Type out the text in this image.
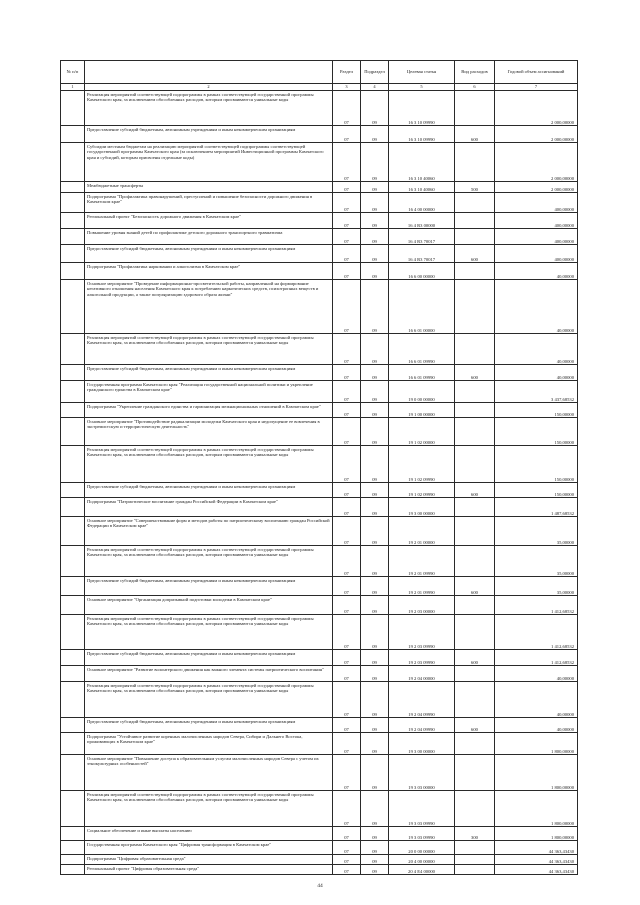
№ п/п		Раздел	Подраздел	Целевая статья	Вид расходов	Годовой объем ассигнований
1	2	3	4	5	6	7
	Реализация мероприятий соответствующей подпрограммы в рамках соответствующей государственной программы Камчатского края, за исключением обособленных расходов, которым присваиваются уникальные коды	07	09	16 3 10 09990		2 000,00000
	Предоставление субсидий бюджетным, автономным учреждениям и иным некоммерческим организациям	07	09	16 3 10 09990	600	2 000,00000
	Субсидии местным бюджетам на реализацию мероприятий соответствующей подпрограммы соответствующей государственной программы Камчатского края (за исключением мероприятий Инвестиционной программы Камчатского края и субсидий, которым присвоены отдельные коды)	07	09	16 3 10 40060		2 000,00000
	Межбюджетные трансферты	07	09	16 3 10 40060	500	2 000,00000
	Подпрограмма "Профилактика правонарушений, преступлений и повышение безопасности дорожного движения в Камчатском крае"	07	09	16 4 00 00000		400,00000
	Региональный проект "Безопасность дорожного движения в Камчатском крае"	07	09	16 4 R3 00000		400,00000
	Повышение уровня знаний детей по профилактике детского дорожного транспортного травматизма	07	09	16 4 R3 70017		400,00000
	Предоставление субсидий бюджетным, автономным учреждениям и иным некоммерческим организациям	07	09	16 4 R3 70017	600	400,00000
	Подпрограмма "Профилактика наркомании и алкоголизма в Камчатском крае"	07	09	16 6 00 00000		40,00000
	Основное мероприятие "Проведение информационно-просветительской работы, направленной на формирование негативного отношения населения Камчатского края к потреблению наркотических средств, психотропных веществ и алкогольной продукции, а также популяризацию здорового образа жизни"	07	09	16 6 01 00000		40,00000
	Реализация мероприятий соответствующей подпрограммы в рамках соответствующей государственной программы Камчатского края, за исключением обособленных расходов, которым присваиваются уникальные коды	07	09	16 6 01 09990		40,00000
	Предоставление субсидий бюджетным, автономным учреждениям и иным некоммерческим организациям	07	09	16 6 01 09990	600	40,00000
	Государственная программа Камчатского края "Реализация государственной национальной политики и укрепление гражданского единства в Камчатском крае"	07	09	19 0 00 00000		3 437,68532
	Подпрограмма "Укрепление гражданского единства и гармонизация межнациональных отношений в Камчатском крае"	07	09	19 1 00 00000		150,00000
	Основное мероприятие "Противодействие радикализации молодежи Камчатского края и недопущение ее вовлечения в экстремистскую и террористическую деятельность"	07	09	19 1 02 00000		150,00000
	Реализация мероприятий соответствующей подпрограммы в рамках соответствующей государственной программы Камчатского края, за исключением обособленных расходов, которым присваиваются уникальные коды	07	09	19 1 02 09990		150,00000
	Предоставление субсидий бюджетным, автономным учреждениям и иным некоммерческим организациям	07	09	19 1 02 09990	600	150,00000
	Подпрограмма "Патриотическое воспитание граждан Российской Федерации в Камчатском крае"	07	09	19 3 00 00000		1 487,68532
	Основное мероприятие "Совершенствование форм и методов работы по патриотическому воспитанию граждан Российской Федерации в Камчатском крае"	07	09	19 2 01 00000		35,00000
	Реализация мероприятий соответствующей подпрограммы в рамках соответствующей государственной программы Камчатского края, за исключением обособленных расходов, которым присваиваются уникальные коды	07	09	19 2 01 09990		35,00000
	Предоставление субсидий бюджетным, автономным учреждениям и иным некоммерческим организациям	07	09	19 2 01 09990	600	35,00000
	Основное мероприятие "Организация допризывной подготовки молодежи в Камчатском крае"	07	09	19 2 03 00000		1 412,68532
	Реализация мероприятий соответствующей подпрограммы в рамках соответствующей государственной программы Камчатского края, за исключением обособленных расходов, которым присваиваются уникальные коды	07	09	19 2 03 09990		1 412,68532
	Предоставление субсидий бюджетным, автономным учреждениям и иным некоммерческим организациям	07	09	19 2 03 09990	600	1 412,68532
	Основное мероприятие "Развитие волонтерского движения как важного элемента системы патриотического воспитания"	07	09	19 2 04 00000		40,00000
	Реализация мероприятий соответствующей подпрограммы в рамках соответствующей государственной программы Камчатского края, за исключением обособленных расходов, которым присваиваются уникальные коды	07	09	19 2 04 09990		40,00000
	Предоставление субсидий бюджетным, автономным учреждениям и иным некоммерческим организациям	07	09	19 2 04 09990	600	40,00000
	Подпрограмма "Устойчивое развитие коренных малочисленных народов Севера, Сибири и Дальнего Востока, проживающих в Камчатском крае"	07	09	19 3 00 00000		1 800,00000
	Основное мероприятие "Повышение доступа к образовательным услугам малочисленных народов Севера с учетом их этнокультурных особенностей"	07	09	19 3 03 00000		1 800,00000
	Реализация мероприятий соответствующей подпрограммы в рамках соответствующей государственной программы Камчатского края, за исключением обособленных расходов, которым присваиваются уникальные коды	07	09	19 3 03 09990		1 800,00000
	Социальное обеспечение и иные выплаты населению	07	09	19 3 03 09990	300	1 800,00000
	Государственная программа Камчатского края "Цифровая трансформация в Камчатском крае"	07	09	20 0 00 00000		44 363,43430
	Подпрограмма "Цифровая образовательная среда"	07	09	20 4 00 00000		44 363,43430
	Региональный проект "Цифровая образовательная среда"	07	09	20 4 E4 00000		44 363,43430
44
